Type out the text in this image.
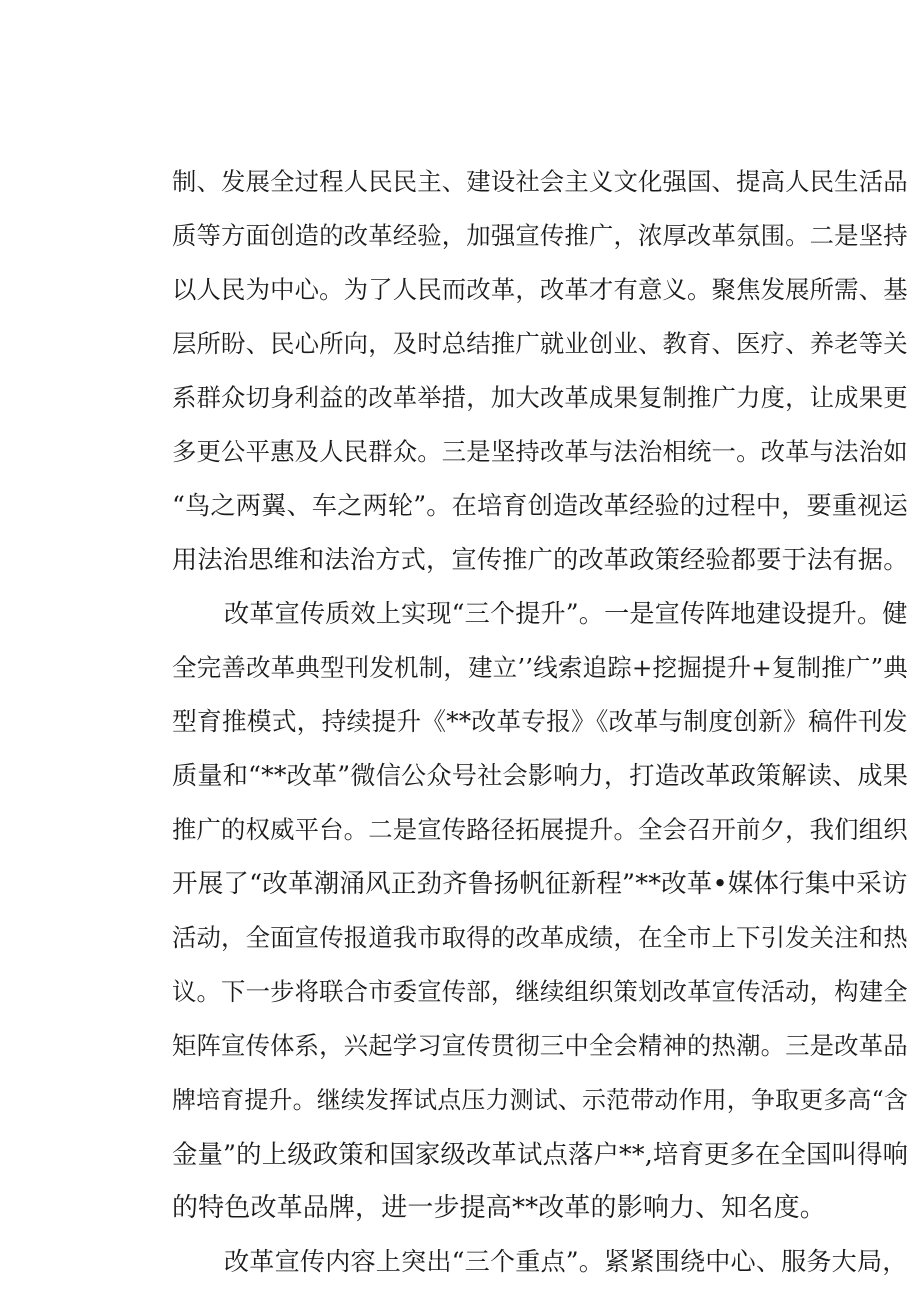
制、发展全过程人民民主、建设社会主义文化强国、提高人民生活品
质等方面创造的改革经验，加强宣传推广，浓厚改革氛围。二是坚持
以人民为中心。为了人民而改革，改革才有意义。聚焦发展所需、基
层所盼、民心所向，及时总结推广就业创业、教育、医疗、养老等关
系群众切身利益的改革举措，加大改革成果复制推广力度，让成果更
多更公平惠及人民群众。三是坚持改革与法治相统一。改革与法治如
“鸟之两翼、车之两轮”。在培育创造改革经验的过程中，要重视运
用法治思维和法治方式，宣传推广的改革政策经验都要于法有据。
改革宣传质效上实现“三个提升”。一是宣传阵地建设提升。健
全完善改革典型刊发机制，建立’’线索追踪+挖掘提升+复制推广”典
型育推模式，持续提升《**改革专报》《改革与制度创新》稿件刊发
质量和“**改革”微信公众号社会影响力，打造改革政策解读、成果
推广的权威平台。二是宣传路径拓展提升。全会召开前夕，我们组织
开展了“改革潮涌风正劲齐鲁扬帆征新程”**改革•媒体行集中采访
活动，全面宣传报道我市取得的改革成绩，在全市上下引发关注和热
议。下一步将联合市委宣传部，继续组织策划改革宣传活动，构建全
矩阵宣传体系，兴起学习宣传贯彻三中全会精神的热潮。三是改革品
牌培育提升。继续发挥试点压力测试、示范带动作用，争取更多高“含
金量”的上级政策和国家级改革试点落户**,培育更多在全国叫得响
的特色改革品牌，进一步提高**改革的影响力、知名度。
改革宣传内容上突出“三个重点”。紧紧围绕中心、服务大局，
